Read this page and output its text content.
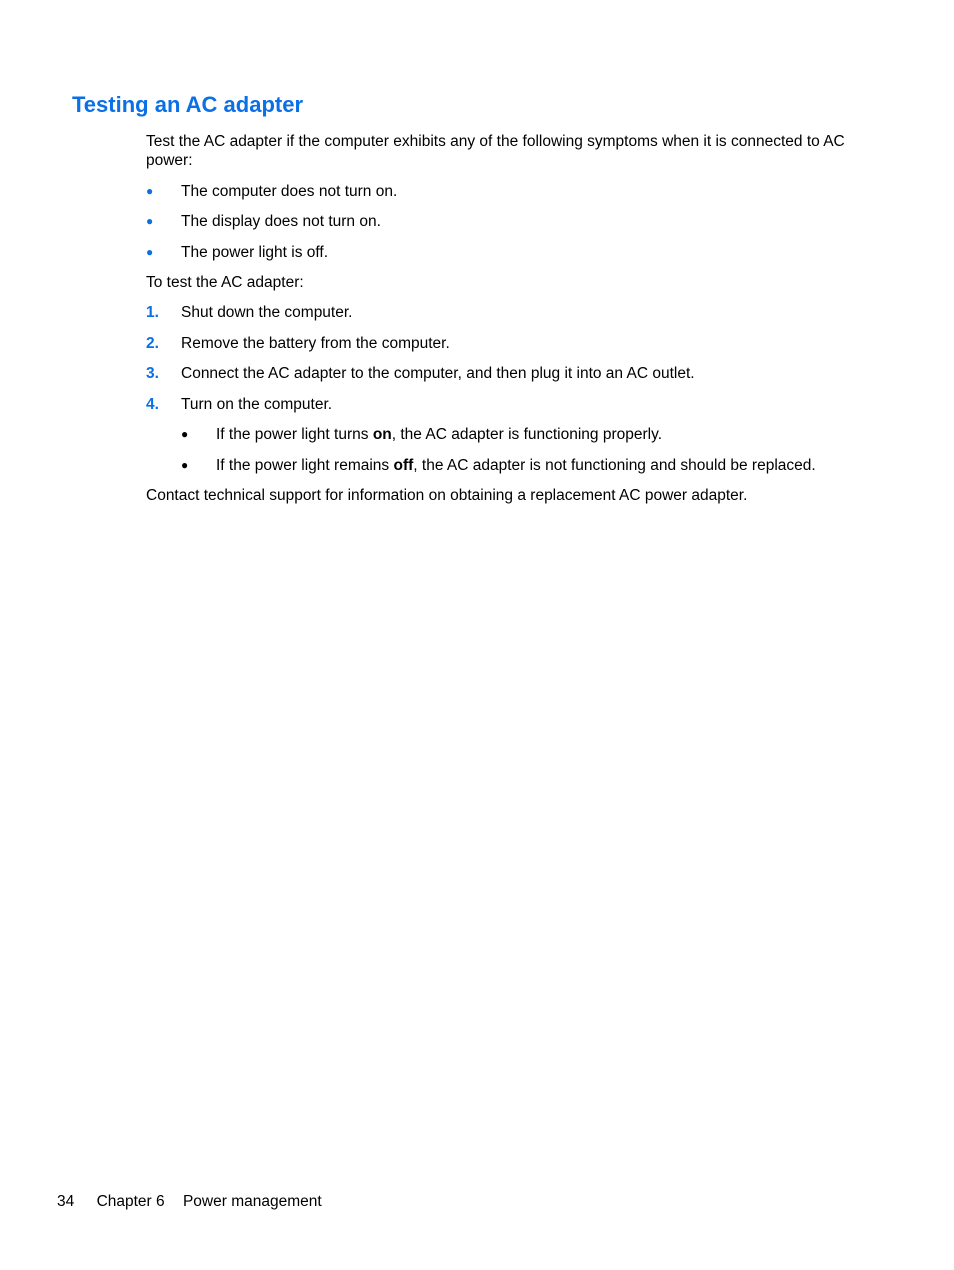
Testing an AC adapter

Test the AC adapter if the computer exhibits any of the following symptoms when it is connected to AC power:

● The computer does not turn on.
● The display does not turn on.
● The power light is off.

To test the AC adapter:

1. Shut down the computer.
2. Remove the battery from the computer.
3. Connect the AC adapter to the computer, and then plug it into an AC outlet.
4. Turn on the computer.
● If the power light turns on, the AC adapter is functioning properly.
● If the power light remains off, the AC adapter is not functioning and should be replaced.

Contact technical support for information on obtaining a replacement AC power adapter.

34 Chapter 6 Power management
